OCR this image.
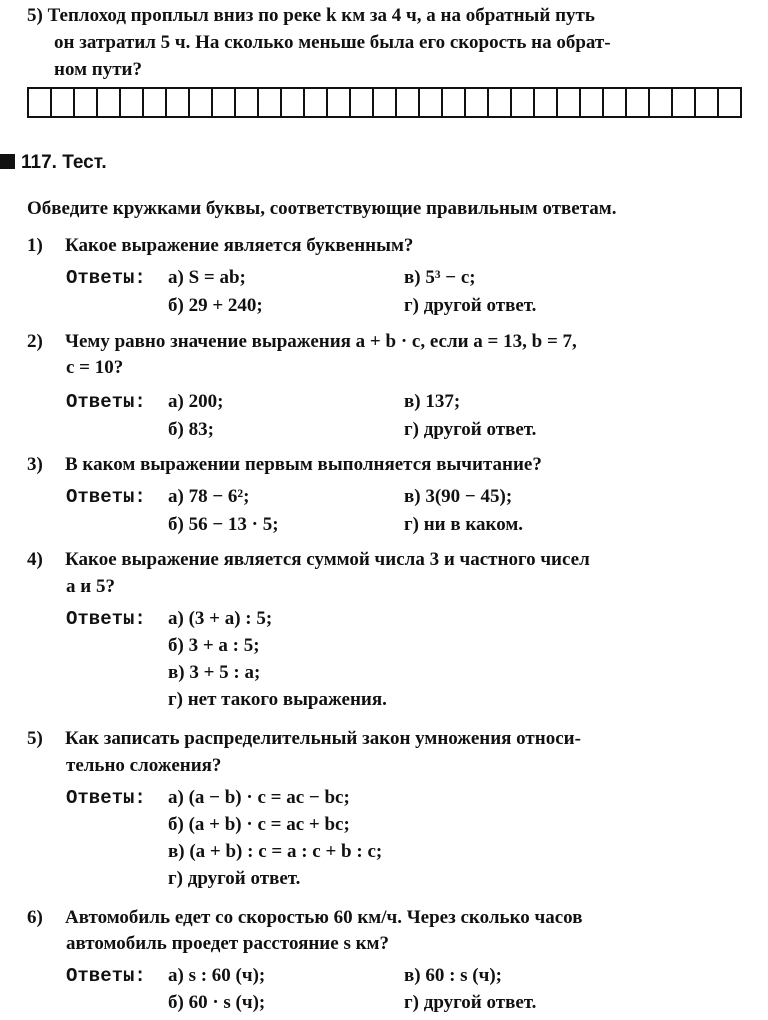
5) Теплоход проплыл вниз по реке k км за 4 ч, а на обратный путь
он затратил 5 ч. На сколько меньше была его скорость на обрат-
ном пути?
117. Тест.
Обведите кружками буквы, соответствующие правильным ответам.
1) Какое выражение является буквенным?
Ответы: а) S = ab;	в) 5³ − c;
б) 29 + 240;	г) другой ответ.
2) Чему равно значение выражения a + b · c, если a = 13, b = 7,
c = 10?
Ответы: а) 200;	в) 137;
б) 83;	г) другой ответ.
3) В каком выражении первым выполняется вычитание?
Ответы: а) 78 − 6²;	в) 3(90 − 45);
б) 56 − 13 · 5;	г) ни в каком.
4) Какое выражение является суммой числа 3 и частного чисел
a и 5?
Ответы: а) (3 + a) : 5;
б) 3 + a : 5;
в) 3 + 5 : a;
г) нет такого выражения.
5) Как записать распределительный закон умножения относи-
тельно сложения?
Ответы: а) (a − b) · c = ac − bc;
б) (a + b) · c = ac + bc;
в) (a + b) : c = a : c + b : c;
г) другой ответ.
6) Автомобиль едет со скоростью 60 км/ч. Через сколько часов
автомобиль проедет расстояние s км?
Ответы: а) s : 60 (ч);	в) 60 : s (ч);
б) 60 · s (ч);	г) другой ответ.
